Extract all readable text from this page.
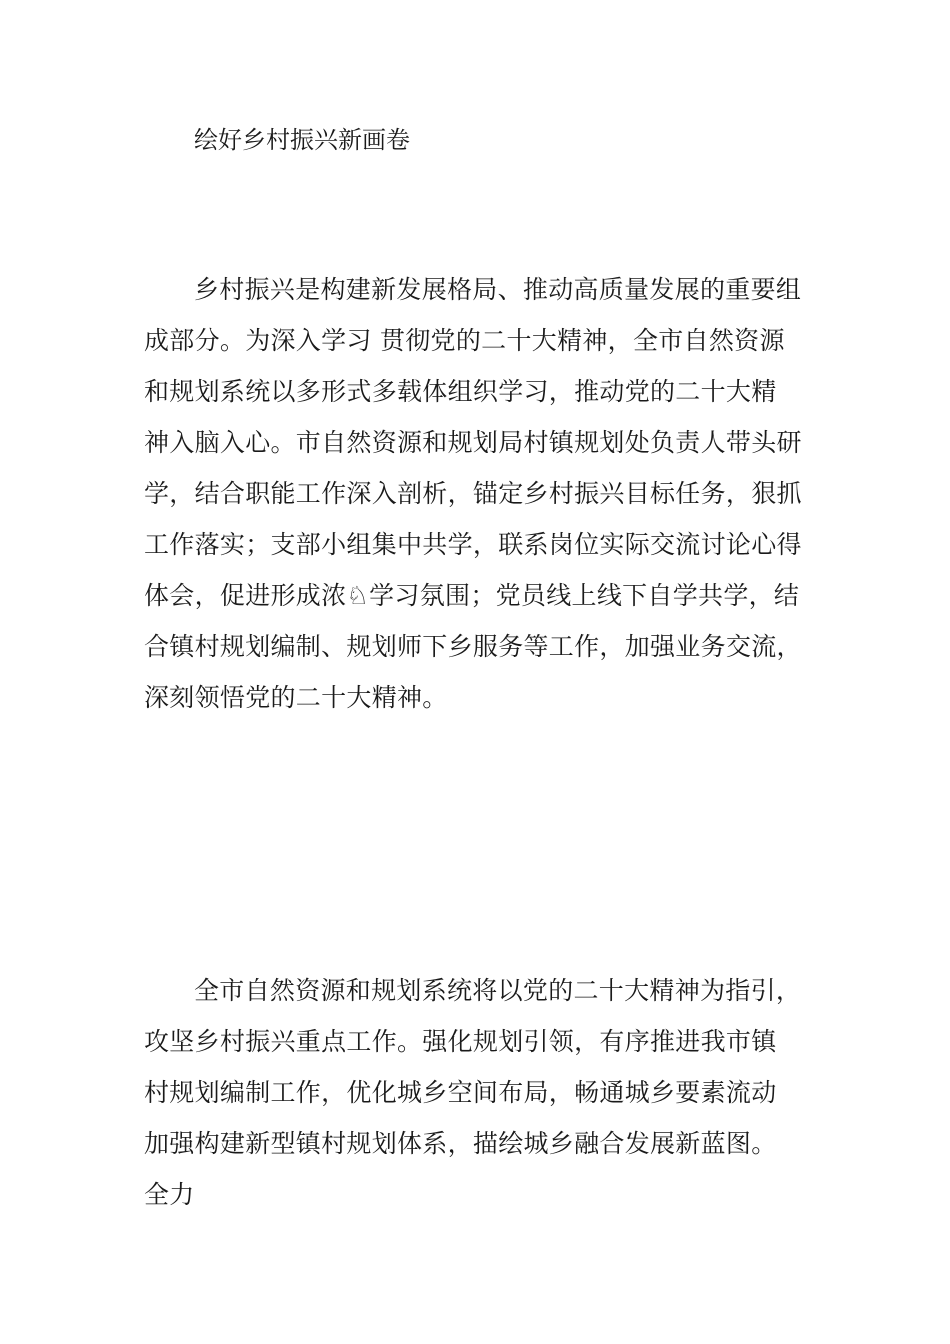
绘好乡村振兴新画卷
乡村振兴是构建新发展格局、推动高质量发展的重要组
成部分。为深入学习 贯彻党的二十大精神，全市自然资源
和规划系统以多形式多载体组织学习，推动党的二十大精
神入脑入心。市自然资源和规划局村镇规划处负责人带头研
学，结合职能工作深入剖析，锚定乡村振兴目标任务，狠抓
工作落实；支部小组集中共学，联系岗位实际交流讨论心得
体会，促进形成浓♘学习氛围；党员线上线下自学共学，结
合镇村规划编制、规划师下乡服务等工作，加强业务交流，
深刻领悟党的二十大精神。
全市自然资源和规划系统将以党的二十大精神为指引，
攻坚乡村振兴重点工作。强化规划引领，有序推进我市镇
村规划编制工作，优化城乡空间布局，畅通城乡要素流动
加强构建新型镇村规划体系，描绘城乡融合发展新蓝图。
全力
